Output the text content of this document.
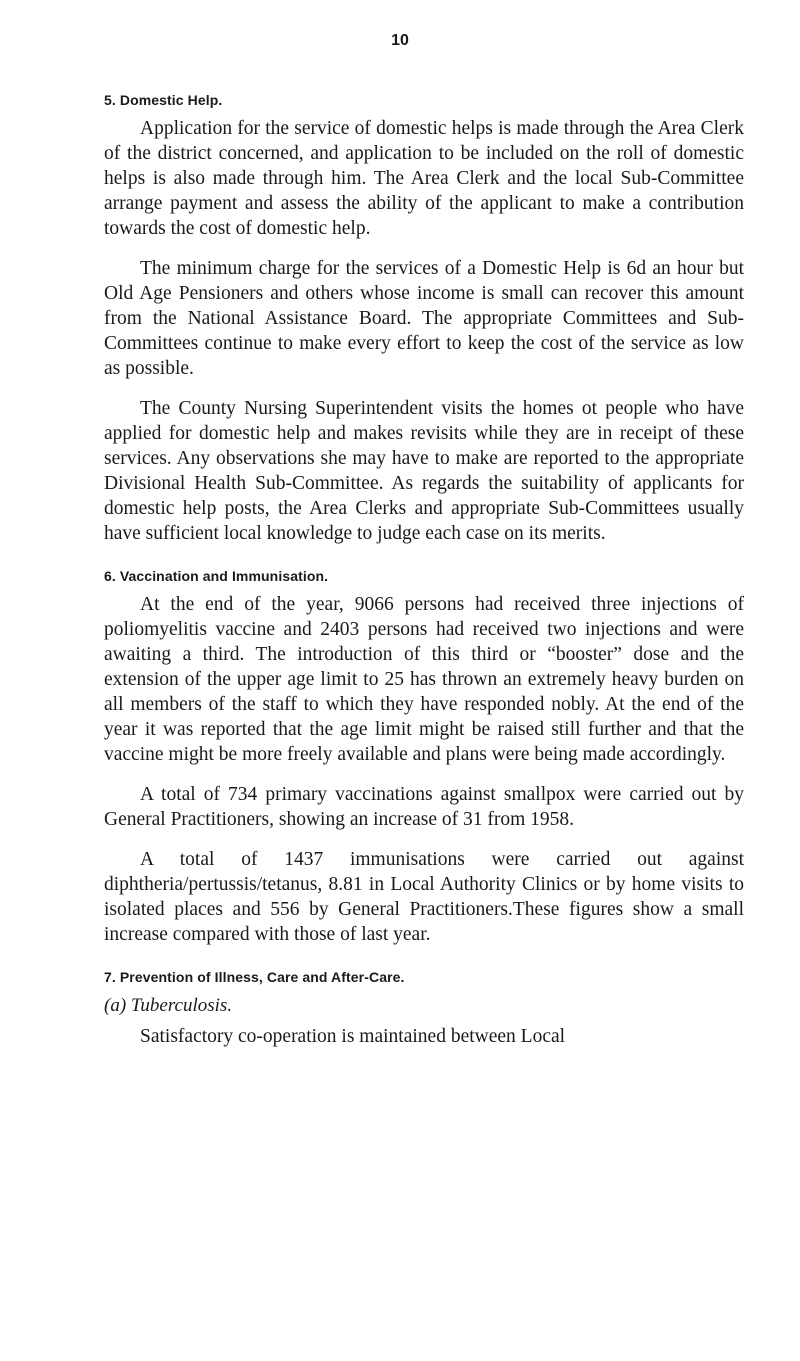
10
5. Domestic Help.

Application for the service of domestic helps is made through the Area Clerk of the district concerned, and application to be included on the roll of domestic helps is also made through him. The Area Clerk and the local Sub-Committee arrange payment and assess the ability of the applicant to make a contribution towards the cost of domestic help.

The minimum charge for the services of a Domestic Help is 6d an hour but Old Age Pensioners and others whose income is small can recover this amount from the National Assistance Board. The appropriate Committees and Sub-Committees continue to make every effort to keep the cost of the service as low as possible.

The County Nursing Superintendent visits the homes ot people who have applied for domestic help and makes revisits while they are in receipt of these services. Any observations she may have to make are reported to the appropriate Divisional Health Sub-Committee. As regards the suitability of applicants for domestic help posts, the Area Clerks and appropriate Sub-Committees usually have sufficient local knowledge to judge each case on its merits.

6. Vaccination and Immunisation.

At the end of the year, 9066 persons had received three injections of poliomyelitis vaccine and 2403 persons had received two injections and were awaiting a third. The introduction of this third or “booster” dose and the extension of the upper age limit to 25 has thrown an extremely heavy burden on all members of the staff to which they have responded nobly. At the end of the year it was reported that the age limit might be raised still further and that the vaccine might be more freely available and plans were being made accordingly.

A total of 734 primary vaccinations against smallpox were carried out by General Practitioners, showing an increase of 31 from 1958.

A total of 1437 immunisations were carried out against diphtheria/pertussis/tetanus, 8.81 in Local Authority Clinics or by home visits to isolated places and 556 by General Practitioners.These figures show a small increase compared with those of last year.

7. Prevention of Illness, Care and After-Care.

(a) Tuberculosis.

Satisfactory co-operation is maintained between Local
